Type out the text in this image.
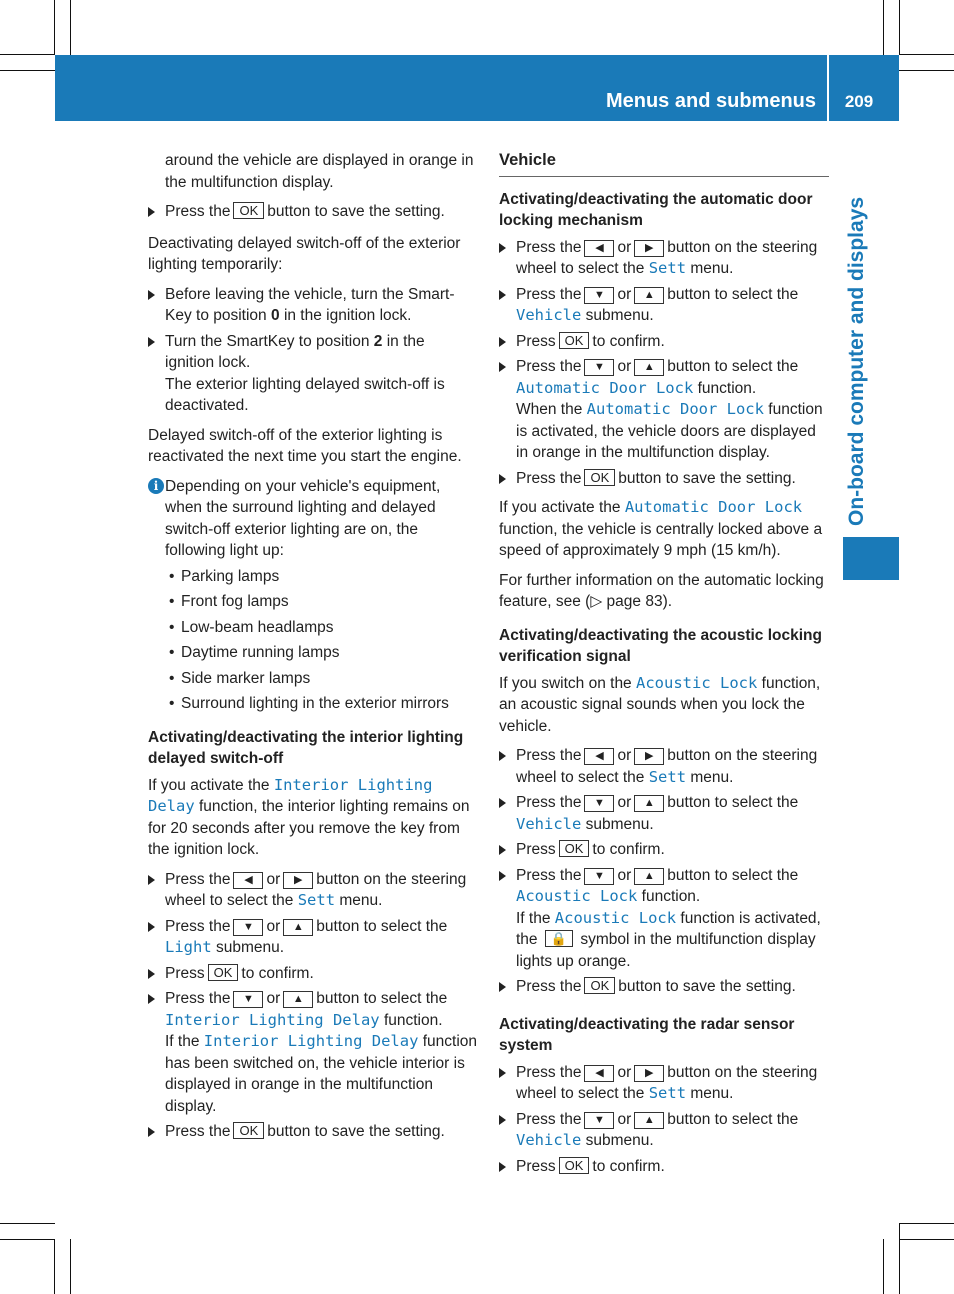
Menus and submenus	209
On-board computer and displays

around the vehicle are displayed in orange in the multifunction display.

Press the OK button to save the setting.

Deactivating delayed switch-off of the exterior lighting temporarily:

Before leaving the vehicle, turn the Smart-Key to position 0 in the ignition lock.
Turn the SmartKey to position 2 in the ignition lock.
The exterior lighting delayed switch-off is deactivated.

Delayed switch-off of the exterior lighting is reactivated the next time you start the engine.

i Depending on your vehicle's equipment, when the surround lighting and delayed switch-off exterior lighting are on, the following light up:
• Parking lamps
• Front fog lamps
• Low-beam headlamps
• Daytime running lamps
• Side marker lamps
• Surround lighting in the exterior mirrors
Activating/deactivating the interior lighting delayed switch-off

If you activate the Interior Lighting Delay function, the interior lighting remains on for 20 seconds after you remove the key from the ignition lock.

Press the ◀ or ▶ button on the steering wheel to select the Sett menu.
Press the ▼ or ▲ button to select the Light submenu.
Press OK to confirm.
Press the ▼ or ▲ button to select the Interior Lighting Delay function.
If the Interior Lighting Delay function has been switched on, the vehicle interior is displayed in orange in the multifunction display.
Press the OK button to save the setting.
Vehicle
Activating/deactivating the automatic door locking mechanism
Press the ◀ or ▶ button on the steering wheel to select the Sett menu.
Press the ▼ or ▲ button to select the Vehicle submenu.
Press OK to confirm.
Press the ▼ or ▲ button to select the Automatic Door Lock function.
When the Automatic Door Lock function is activated, the vehicle doors are displayed in orange in the multifunction display.
Press the OK button to save the setting.

If you activate the Automatic Door Lock function, the vehicle is centrally locked above a speed of approximately 9 mph (15 km/h).

For further information on the automatic locking feature, see (▷ page 83).

Activating/deactivating the acoustic locking verification signal

If you switch on the Acoustic Lock function, an acoustic signal sounds when you lock the vehicle.

Press the ◀ or ▶ button on the steering wheel to select the Sett menu.
Press the ▼ or ▲ button to select the Vehicle submenu.
Press OK to confirm.
Press the ▼ or ▲ button to select the Acoustic Lock function.
If the Acoustic Lock function is activated, the 🔒 symbol in the multifunction display lights up orange.
Press the OK button to save the setting.
Activating/deactivating the radar sensor system
Press the ◀ or ▶ button on the steering wheel to select the Sett menu.
Press the ▼ or ▲ button to select the Vehicle submenu.
Press OK to confirm.
